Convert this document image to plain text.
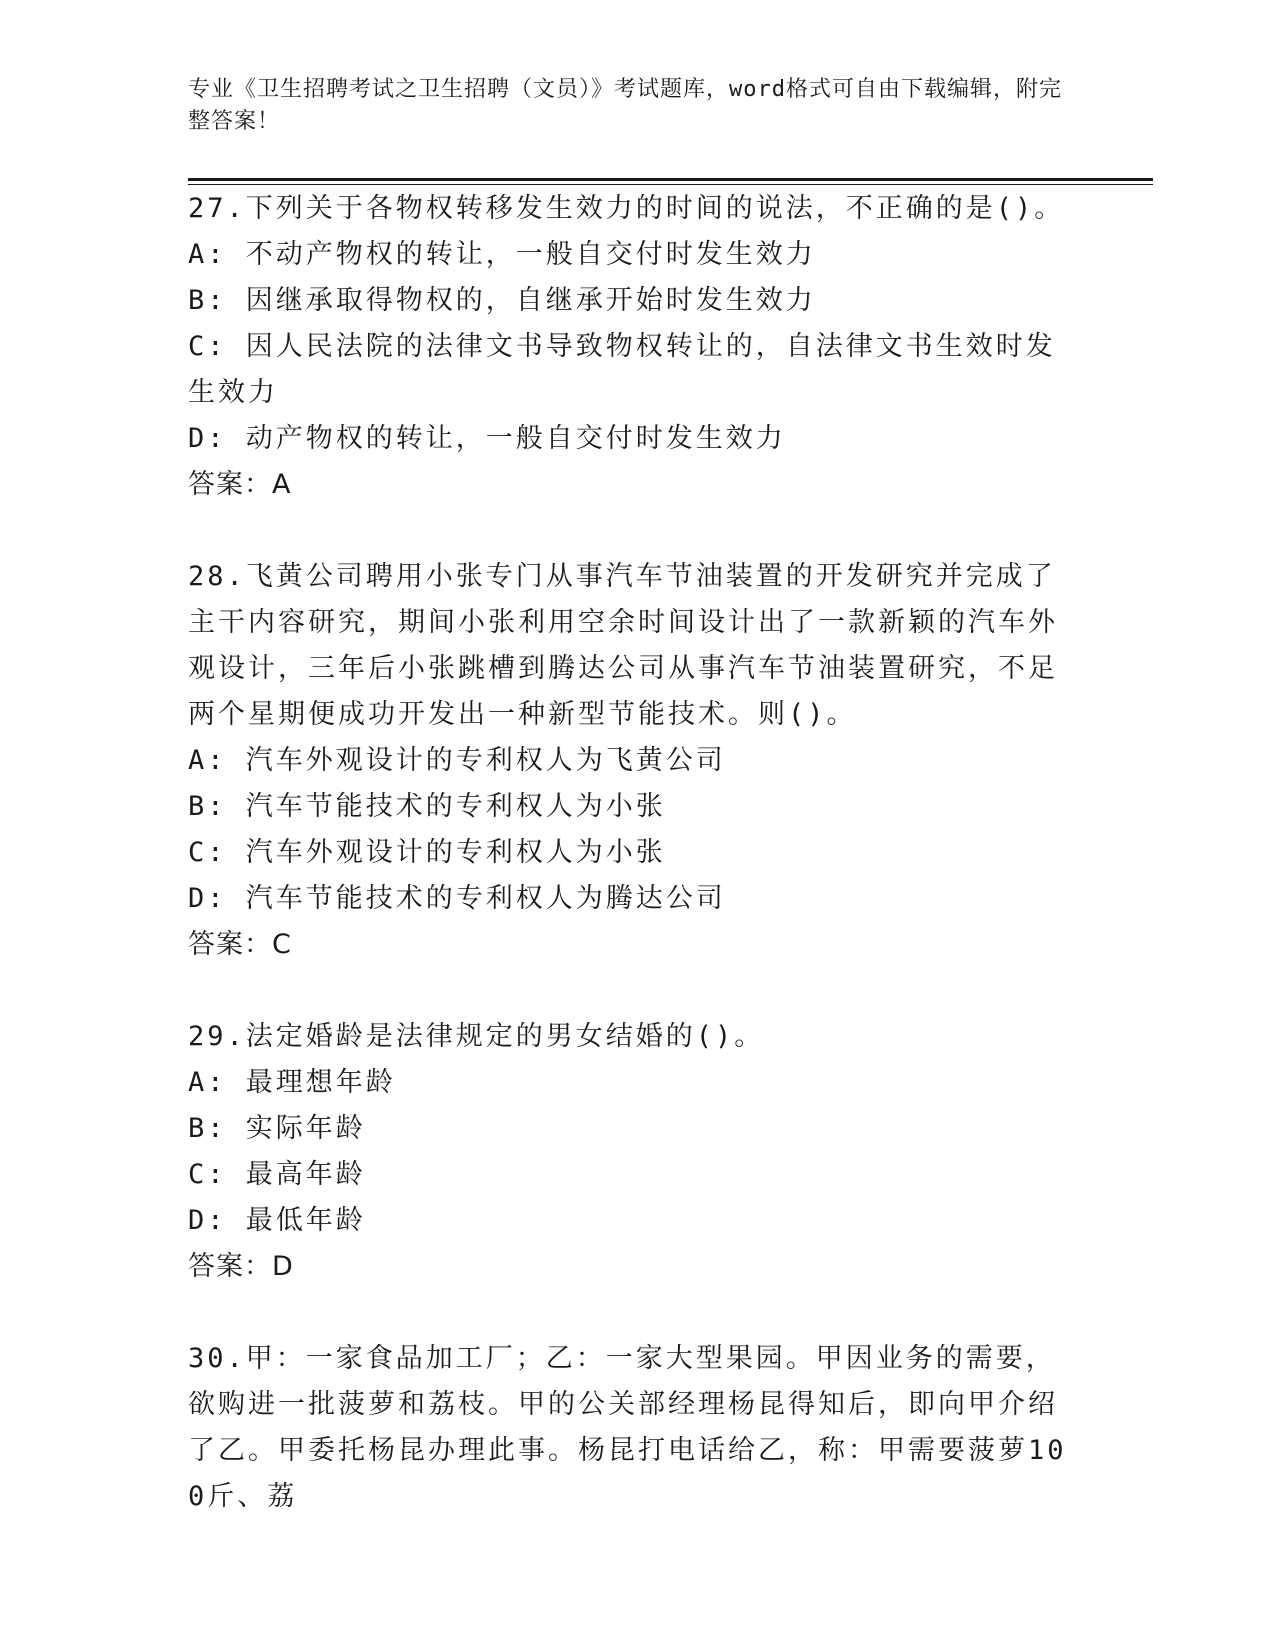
专业《卫生招聘考试之卫生招聘（文员）》考试题库，word格式可自由下载编辑，附完整答案！

27.下列关于各物权转移发生效力的时间的说法，不正确的是()。

A: 不动产物权的转让，一般自交付时发生效力

B: 因继承取得物权的，自继承开始时发生效力

C: 因人民法院的法律文书导致物权转让的，自法律文书生效时发生效力

D: 动产物权的转让，一般自交付时发生效力

答案：A

28.飞黄公司聘用小张专门从事汽车节油装置的开发研究并完成了主干内容研究，期间小张利用空余时间设计出了一款新颖的汽车外观设计，三年后小张跳槽到腾达公司从事汽车节油装置研究，不足两个星期便成功开发出一种新型节能技术。则()。

A: 汽车外观设计的专利权人为飞黄公司

B: 汽车节能技术的专利权人为小张

C: 汽车外观设计的专利权人为小张

D: 汽车节能技术的专利权人为腾达公司

答案：C

29.法定婚龄是法律规定的男女结婚的()。

A: 最理想年龄

B: 实际年龄

C: 最高年龄

D: 最低年龄

答案：D

30.甲：一家食品加工厂；乙：一家大型果园。甲因业务的需要，欲购进一批菠萝和荔枝。甲的公关部经理杨昆得知后，即向甲介绍了乙。甲委托杨昆办理此事。杨昆打电话给乙，称：甲需要菠萝100斤、荔
